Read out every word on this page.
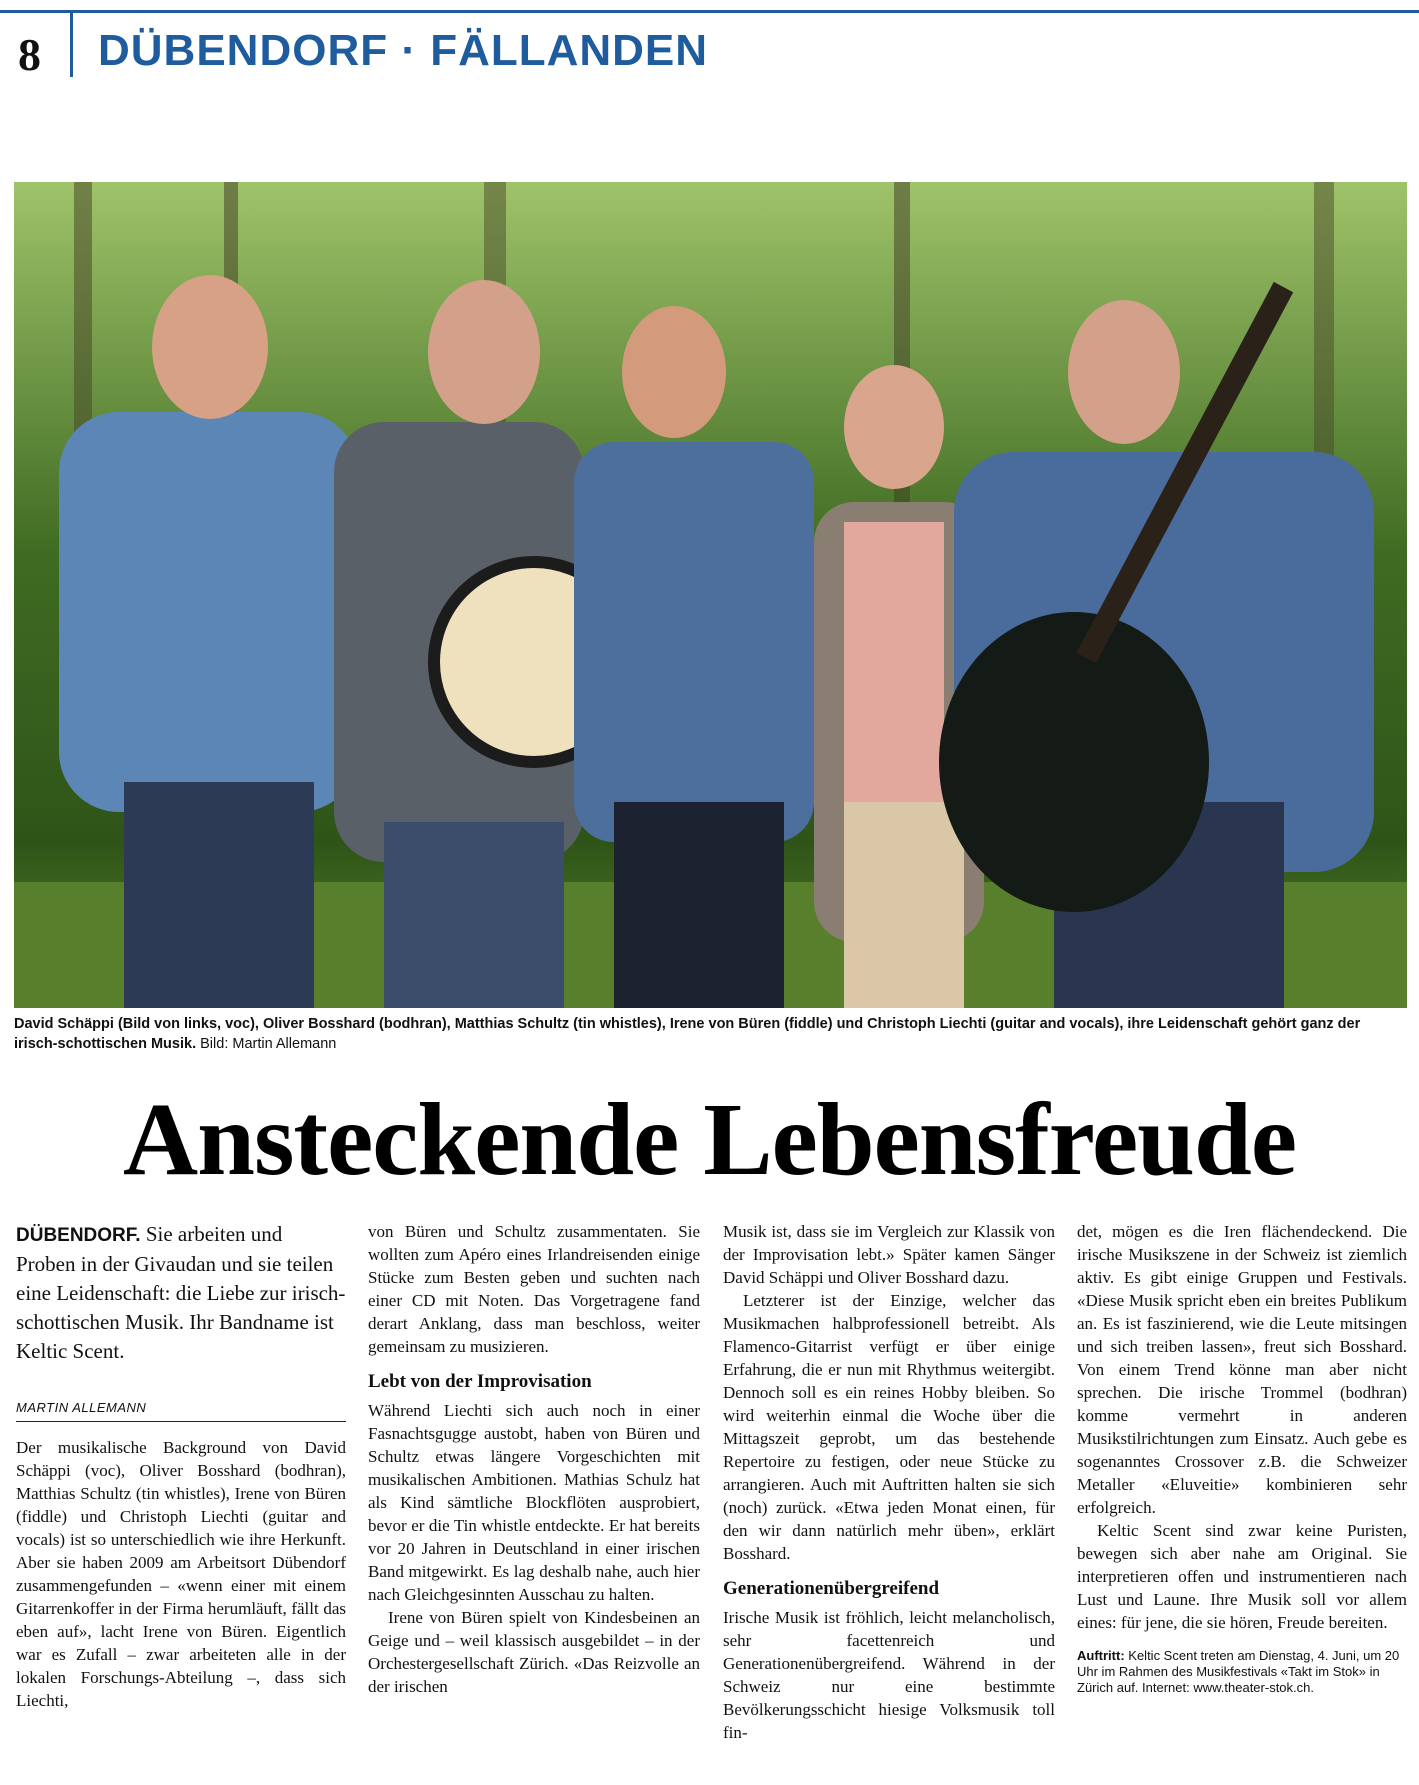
8 DÜBENDORF · FÄLLANDEN
David Schäppi (Bild von links, voc), Oliver Bosshard (bodhran), Matthias Schultz (tin whistles), Irene von Büren (fiddle) und Christoph Liechti (guitar and vocals), ihre Leidenschaft gehört ganz der irisch-schottischen Musik. Bild: Martin Allemann
Ansteckende Lebensfreude

DÜBENDORF. Sie arbeiten und Proben in der Givaudan und sie teilen eine Leidenschaft: die Liebe zur irisch-schottischen Musik. Ihr Bandname ist Keltic Scent.

MARTIN ALLEMANN

Der musikalische Background von David Schäppi (voc), Oliver Bosshard (bodhran), Matthias Schultz (tin whistles), Irene von Büren (fiddle) und Christoph Liechti (guitar and vocals) ist so unterschiedlich wie ihre Herkunft. Aber sie haben 2009 am Arbeitsort Dübendorf zusammengefunden – «wenn einer mit einem Gitarrenkoffer in der Firma herumläuft, fällt das eben auf», lacht Irene von Büren. Eigentlich war es Zufall – zwar arbeiteten alle in der lokalen Forschungs-Abteilung –, dass sich Liechti,

von Büren und Schultz zusammentaten. Sie wollten zum Apéro eines Irlandreisenden einige Stücke zum Besten geben und suchten nach einer CD mit Noten. Das Vorgetragene fand derart Anklang, dass man beschloss, weiter gemeinsam zu musizieren.

Lebt von der Improvisation

Während Liechti sich auch noch in einer Fasnachtsgugge austobt, haben von Büren und Schultz etwas längere Vorgeschichten mit musikalischen Ambitionen. Mathias Schulz hat als Kind sämtliche Blockflöten ausprobiert, bevor er die Tin whistle entdeckte. Er hat bereits vor 20 Jahren in Deutschland in einer irischen Band mitgewirkt. Es lag deshalb nahe, auch hier nach Gleichgesinnten Ausschau zu halten.

Irene von Büren spielt von Kindesbeinen an Geige und – weil klassisch ausgebildet – in der Orchestergesellschaft Zürich. «Das Reizvolle an der irischen

Musik ist, dass sie im Vergleich zur Klassik von der Improvisation lebt.» Später kamen Sänger David Schäppi und Oliver Bosshard dazu.

Letzterer ist der Einzige, welcher das Musikmachen halbprofessionell betreibt. Als Flamenco-Gitarrist verfügt er über einige Erfahrung, die er nun mit Rhythmus weitergibt. Dennoch soll es ein reines Hobby bleiben. So wird weiterhin einmal die Woche über die Mittagszeit geprobt, um das bestehende Repertoire zu festigen, oder neue Stücke zu arrangieren. Auch mit Auftritten halten sie sich (noch) zurück. «Etwa jeden Monat einen, für den wir dann natürlich mehr üben», erklärt Bosshard.

Generationenübergreifend

Irische Musik ist fröhlich, leicht melancholisch, sehr facettenreich und Generationenübergreifend. Während in der Schweiz nur eine bestimmte Bevölkerungsschicht hiesige Volksmusik toll fin-

det, mögen es die Iren flächendeckend. Die irische Musikszene in der Schweiz ist ziemlich aktiv. Es gibt einige Gruppen und Festivals. «Diese Musik spricht eben ein breites Publikum an. Es ist faszinierend, wie die Leute mitsingen und sich treiben lassen», freut sich Bosshard. Von einem Trend könne man aber nicht sprechen. Die irische Trommel (bodhran) komme vermehrt in anderen Musikstilrichtungen zum Einsatz. Auch gebe es sogenanntes Crossover z.B. die Schweizer Metaller «Eluveitie» kombinieren sehr erfolgreich.

Keltic Scent sind zwar keine Puristen, bewegen sich aber nahe am Original. Sie interpretieren offen und instrumentieren nach Lust und Laune. Ihre Musik soll vor allem eines: für jene, die sie hören, Freude bereiten.

Auftritt: Keltic Scent treten am Dienstag, 4. Juni, um 20 Uhr im Rahmen des Musikfestivals «Takt im Stok» in Zürich auf. Internet: www.theater-stok.ch.
